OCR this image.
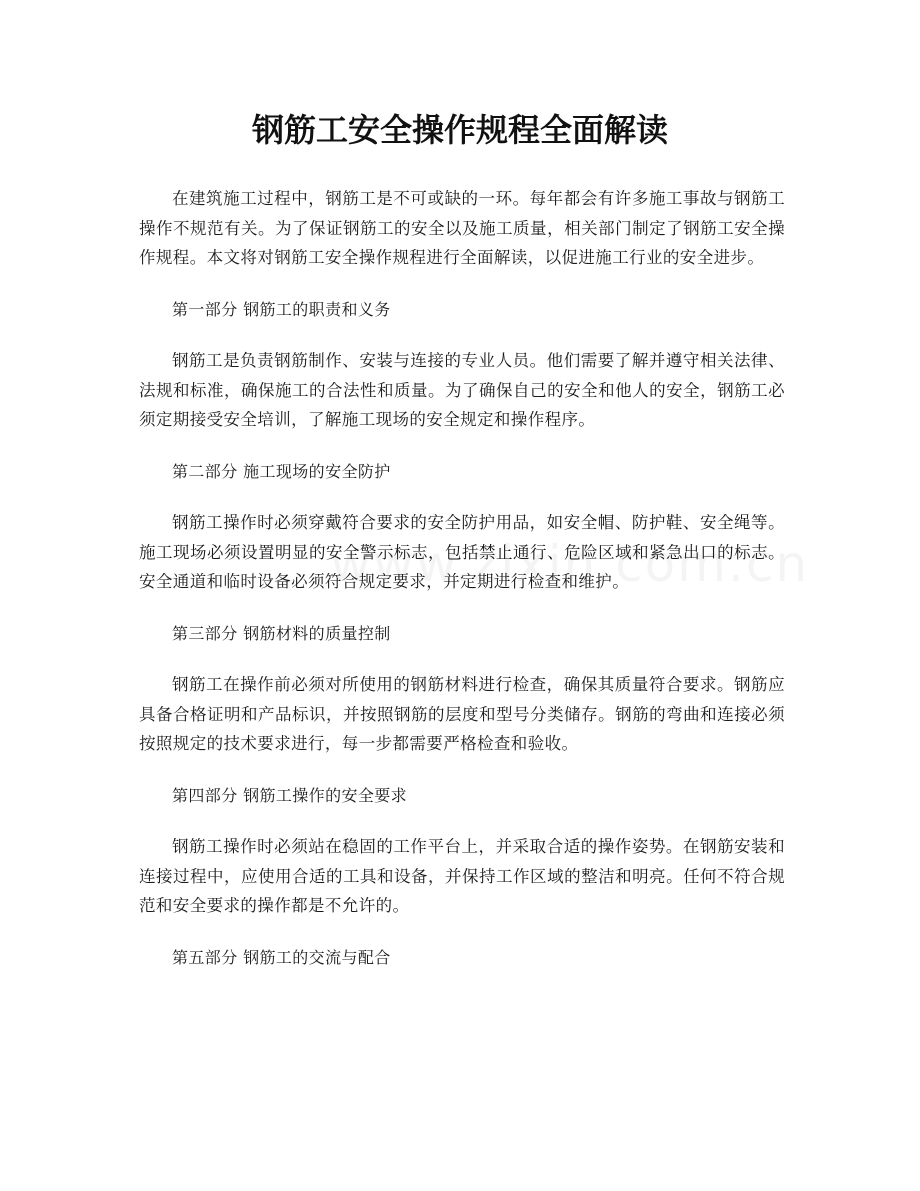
钢筋工安全操作规程全面解读

在建筑施工过程中，钢筋工是不可或缺的一环。每年都会有许多施工事故与钢筋工操作不规范有关。为了保证钢筋工的安全以及施工质量，相关部门制定了钢筋工安全操作规程。本文将对钢筋工安全操作规程进行全面解读，以促进施工行业的安全进步。

第一部分 钢筋工的职责和义务

钢筋工是负责钢筋制作、安装与连接的专业人员。他们需要了解并遵守相关法律、法规和标准，确保施工的合法性和质量。为了确保自己的安全和他人的安全，钢筋工必须定期接受安全培训，了解施工现场的安全规定和操作程序。

第二部分 施工现场的安全防护

钢筋工操作时必须穿戴符合要求的安全防护用品，如安全帽、防护鞋、安全绳等。施工现场必须设置明显的安全警示标志，包括禁止通行、危险区域和紧急出口的标志。安全通道和临时设备必须符合规定要求，并定期进行检查和维护。

第三部分 钢筋材料的质量控制

钢筋工在操作前必须对所使用的钢筋材料进行检查，确保其质量符合要求。钢筋应具备合格证明和产品标识，并按照钢筋的层度和型号分类储存。钢筋的弯曲和连接必须按照规定的技术要求进行，每一步都需要严格检查和验收。

第四部分 钢筋工操作的安全要求

钢筋工操作时必须站在稳固的工作平台上，并采取合适的操作姿势。在钢筋安装和连接过程中，应使用合适的工具和设备，并保持工作区域的整洁和明亮。任何不符合规范和安全要求的操作都是不允许的。

第五部分 钢筋工的交流与配合
